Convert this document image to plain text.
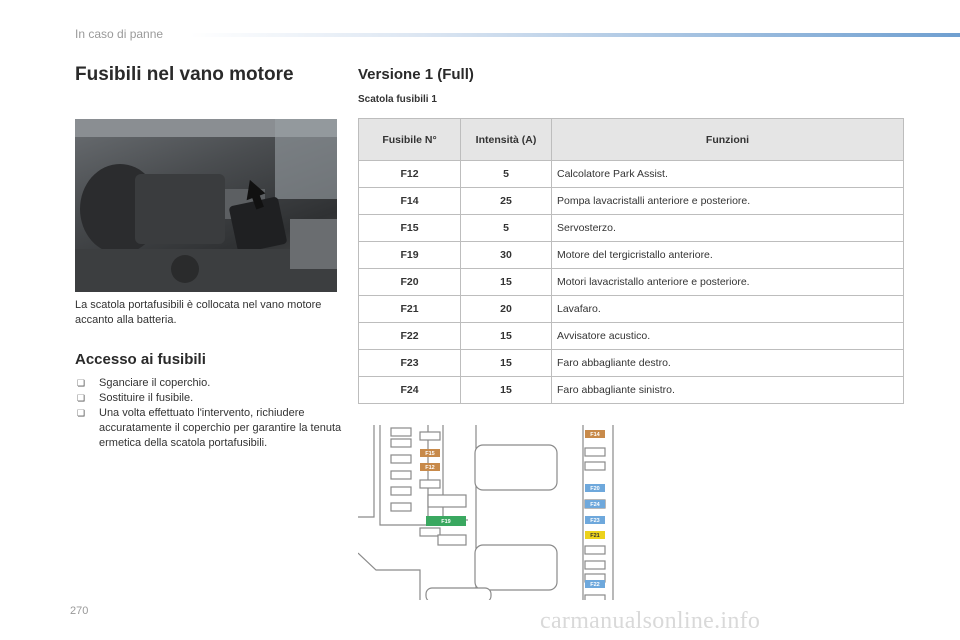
In caso di panne
Fusibili nel vano motore
La scatola portafusibili è collocata nel vano motore accanto alla batteria.
Accesso ai fusibili
❏ Sganciare il coperchio.
❏ Sostituire il fusibile.
❏ Una volta effettuato l'intervento, richiudere accuratamente il coperchio per garantire la tenuta ermetica della scatola portafusibili.
Versione 1 (Full)
Scatola fusibili 1
Fusibile N°	Intensità (A)	Funzioni
F12	5	Calcolatore Park Assist.
F14	25	Pompa lavacristalli anteriore e posteriore.
F15	5	Servosterzo.
F19	30	Motore del tergicristallo anteriore.
F20	15	Motori lavacristallo anteriore e posteriore.
F21	20	Lavafaro.
F22	15	Avvisatore acustico.
F23	15	Faro abbagliante destro.
F24	15	Faro abbagliante sinistro.
F14
F15
F12
F19
F20
F24
F23
F21
F22
270	carmanualsonline.info
